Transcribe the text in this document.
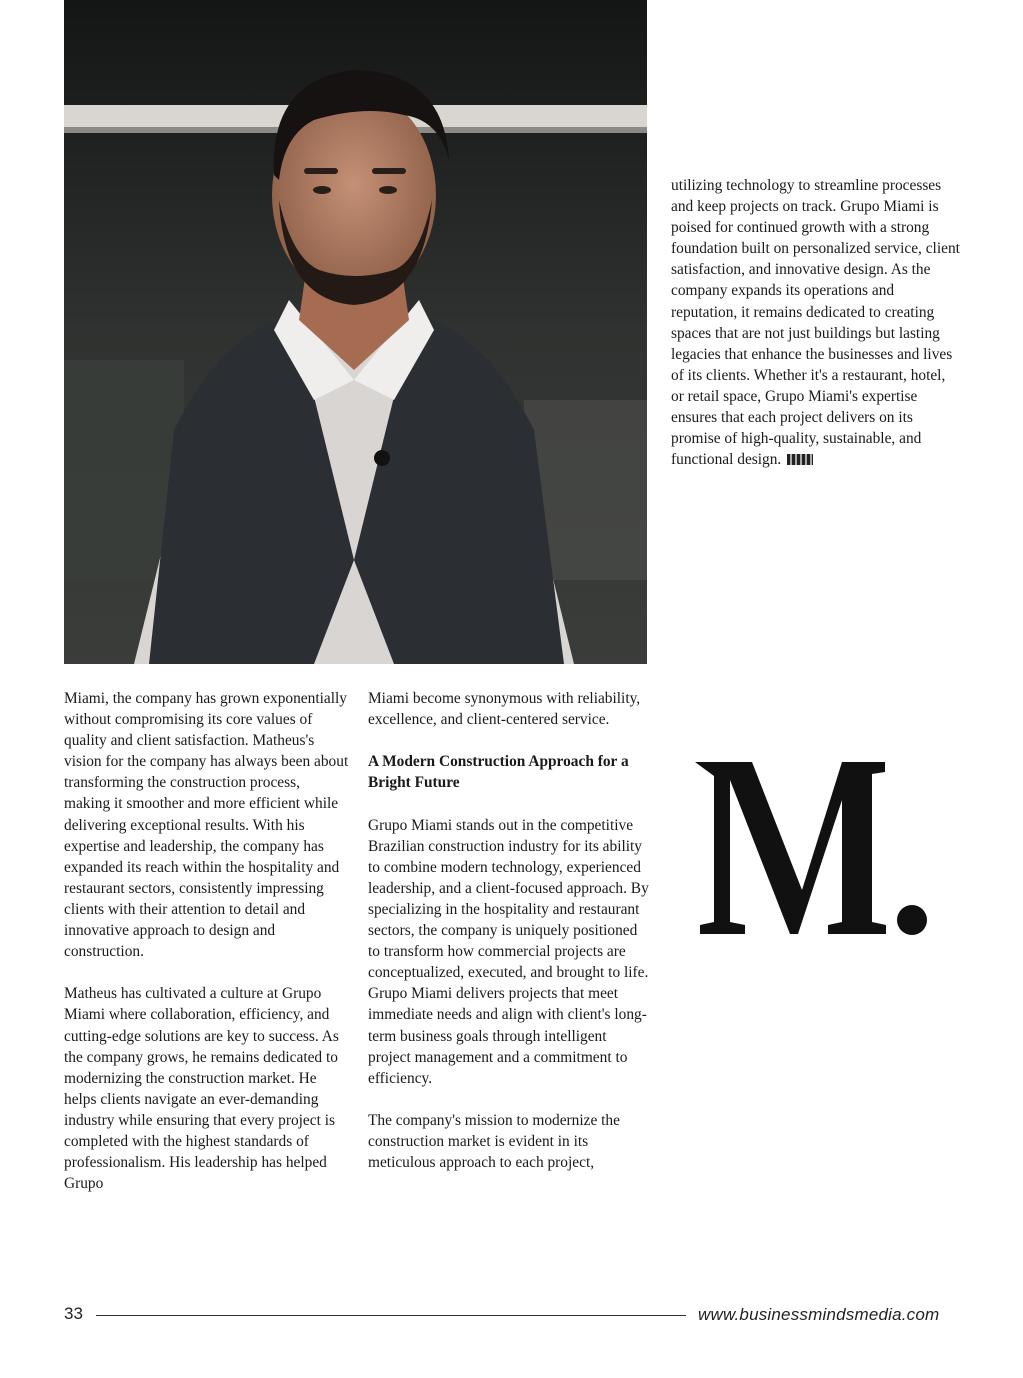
utilizing technology to streamline processes and keep projects on track. Grupo Miami is poised for continued growth with a strong foundation built on personalized service, client satisfaction, and innovative design. As the company expands its operations and reputation, it remains dedicated to creating spaces that are not just buildings but lasting legacies that enhance the businesses and lives of its clients. Whether it's a restaurant, hotel, or retail space, Grupo Miami's expertise ensures that each project delivers on its promise of high-quality, sustainable, and functional design.

Miami, the company has grown exponentially without compromising its core values of quality and client satisfaction. Matheus's vision for the company has always been about transforming the construction process, making it smoother and more efficient while delivering exceptional results. With his expertise and leadership, the company has expanded its reach within the hospitality and restaurant sectors, consistently impressing clients with their attention to detail and innovative approach to design and construction.

Matheus has cultivated a culture at Grupo Miami where collaboration, efficiency, and cutting-edge solutions are key to success. As the company grows, he remains dedicated to modernizing the construction market. He helps clients navigate an ever-demanding industry while ensuring that every project is completed with the highest standards of professionalism. His leadership has helped Grupo

Miami become synonymous with reliability, excellence, and client-centered service.

A Modern Construction Approach for a Bright Future

Grupo Miami stands out in the competitive Brazilian construction industry for its ability to combine modern technology, experienced leadership, and a client-focused approach. By specializing in the hospitality and restaurant sectors, the company is uniquely positioned to transform how commercial projects are conceptualized, executed, and brought to life. Grupo Miami delivers projects that meet immediate needs and align with client's long-term business goals through intelligent project management and a commitment to efficiency.

The company's mission to modernize the construction market is evident in its meticulous approach to each project,

33	www.businessmindsmedia.com
